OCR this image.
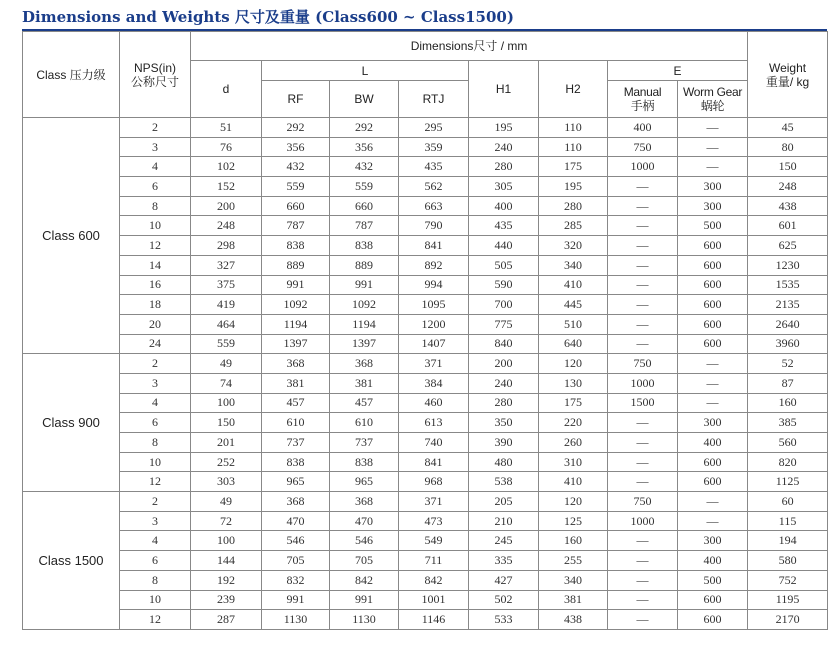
Dimensions and Weights 尺寸及重量 (Class600 ~ Class1500)
Class 压力级	NPS(in)
公称尺寸	Dimensions尺寸 / mm								Weight
重量/ kg
		d	L			H1	H2	E		
			RF	BW	RTJ			Manual
手柄	Worm Gear
蜗轮	
Class 600	2	51	292	292	295	195	110	400	—	45
	3	76	356	356	359	240	110	750	—	80
	4	102	432	432	435	280	175	1000	—	150
	6	152	559	559	562	305	195	—	300	248
	8	200	660	660	663	400	280	—	300	438
	10	248	787	787	790	435	285	—	500	601
	12	298	838	838	841	440	320	—	600	625
	14	327	889	889	892	505	340	—	600	1230
	16	375	991	991	994	590	410	—	600	1535
	18	419	1092	1092	1095	700	445	—	600	2135
	20	464	1194	1194	1200	775	510	—	600	2640
	24	559	1397	1397	1407	840	640	—	600	3960
Class 900	2	49	368	368	371	200	120	750	—	52
	3	74	381	381	384	240	130	1000	—	87
	4	100	457	457	460	280	175	1500	—	160
	6	150	610	610	613	350	220	—	300	385
	8	201	737	737	740	390	260	—	400	560
	10	252	838	838	841	480	310	—	600	820
	12	303	965	965	968	538	410	—	600	1125
Class 1500	2	49	368	368	371	205	120	750	—	60
	3	72	470	470	473	210	125	1000	—	115
	4	100	546	546	549	245	160	—	300	194
	6	144	705	705	711	335	255	—	400	580
	8	192	832	842	842	427	340	—	500	752
	10	239	991	991	1001	502	381	—	600	1195
	12	287	1130	1130	1146	533	438	—	600	2170
